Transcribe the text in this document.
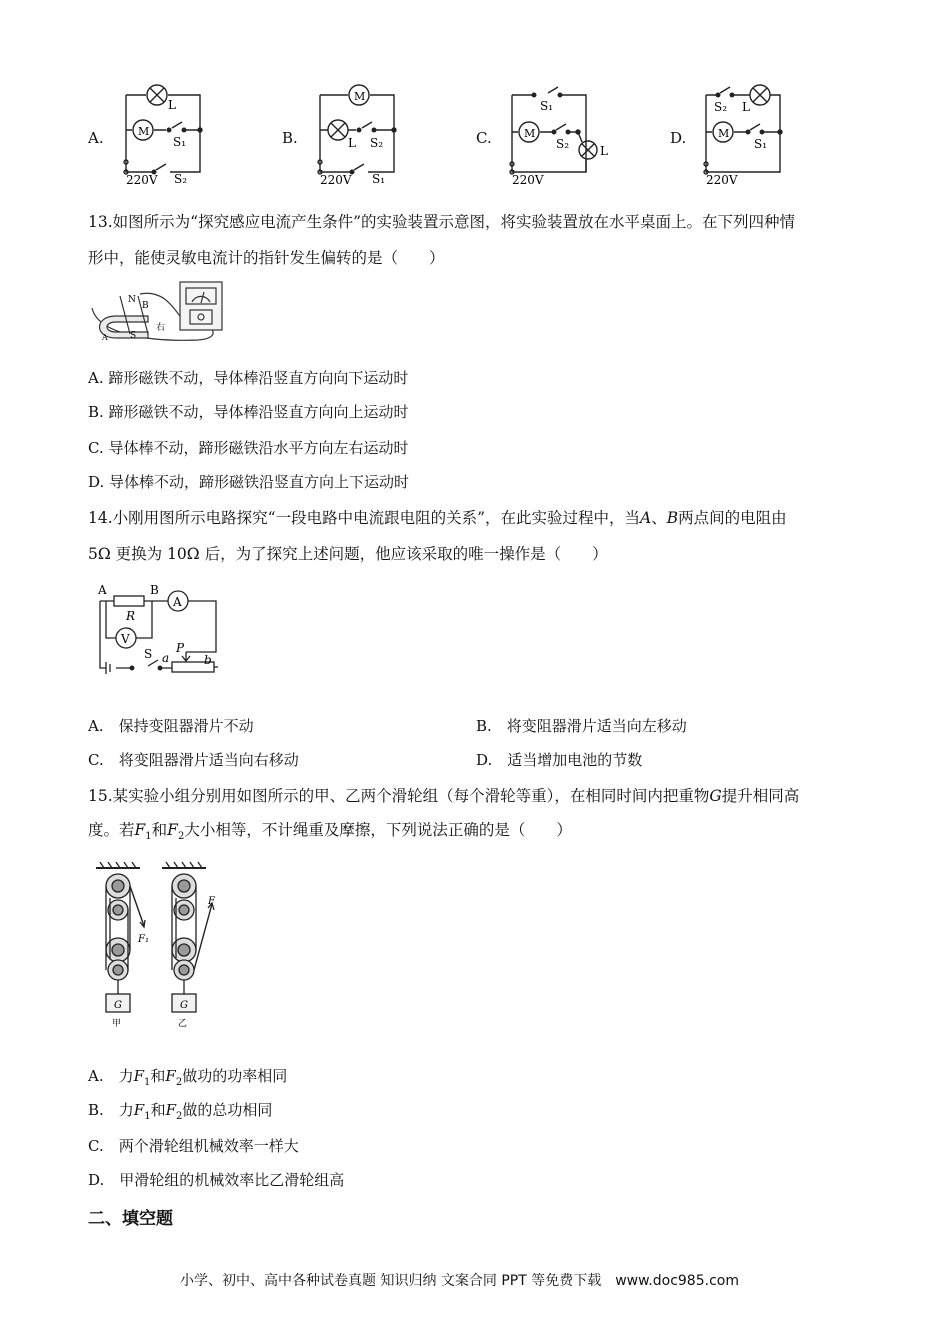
A.	B.	C.	D.
M
L
S₁
S₂
220V
M
L S₂
S₁
220V
M
S₁
S₂	L
220V
M
S₂ L
S₁
220V
13.如图所示为“探究感应电流产生条件”的实验装置示意图，将实验装置放在水平桌面上。在下列四种情
形中，能使灵敏电流计的指针发生偏转的是（　　）
N
B
A S
右
A. 蹄形磁铁不动，导体棒沿竖直方向向下运动时
B. 蹄形磁铁不动，导体棒沿竖直方向向上运动时
C. 导体棒不动，蹄形磁铁沿水平方向左右运动时
D. 导体棒不动，蹄形磁铁沿竖直方向上下运动时
14.小刚用图所示电路探究“一段电路中电流跟电阻的关系”，在此实验过程中，当A、B两点间的电阻由
5Ω 更换为 10Ω 后，为了探究上述问题，他应该采取的唯一操作是（　　）
A	B
R
A
V
S P
a	b
A.　保持变阻器滑片不动	B.　将变阻器滑片适当向左移动
C.　将变阻器滑片适当向右移动	D.　适当增加电池的节数
15.某实验小组分别用如图所示的甲、乙两个滑轮组（每个滑轮等重），在相同时间内把重物G提升相同高
度。若$F_1$和$F_2$大小相等，不计绳重及摩擦，下列说法正确的是（　　）
G	G
F₁
F
甲	乙
A.　力$F_1$和$F_2$做功的功率相同
B.　力$F_1$和$F_2$做的总功相同
C.　两个滑轮组机械效率一样大
D.　甲滑轮组的机械效率比乙滑轮组高
二、填空题
小学、初中、高中各种试卷真题 知识归纳 文案合同 PPT 等免费下载　www.doc985.com
